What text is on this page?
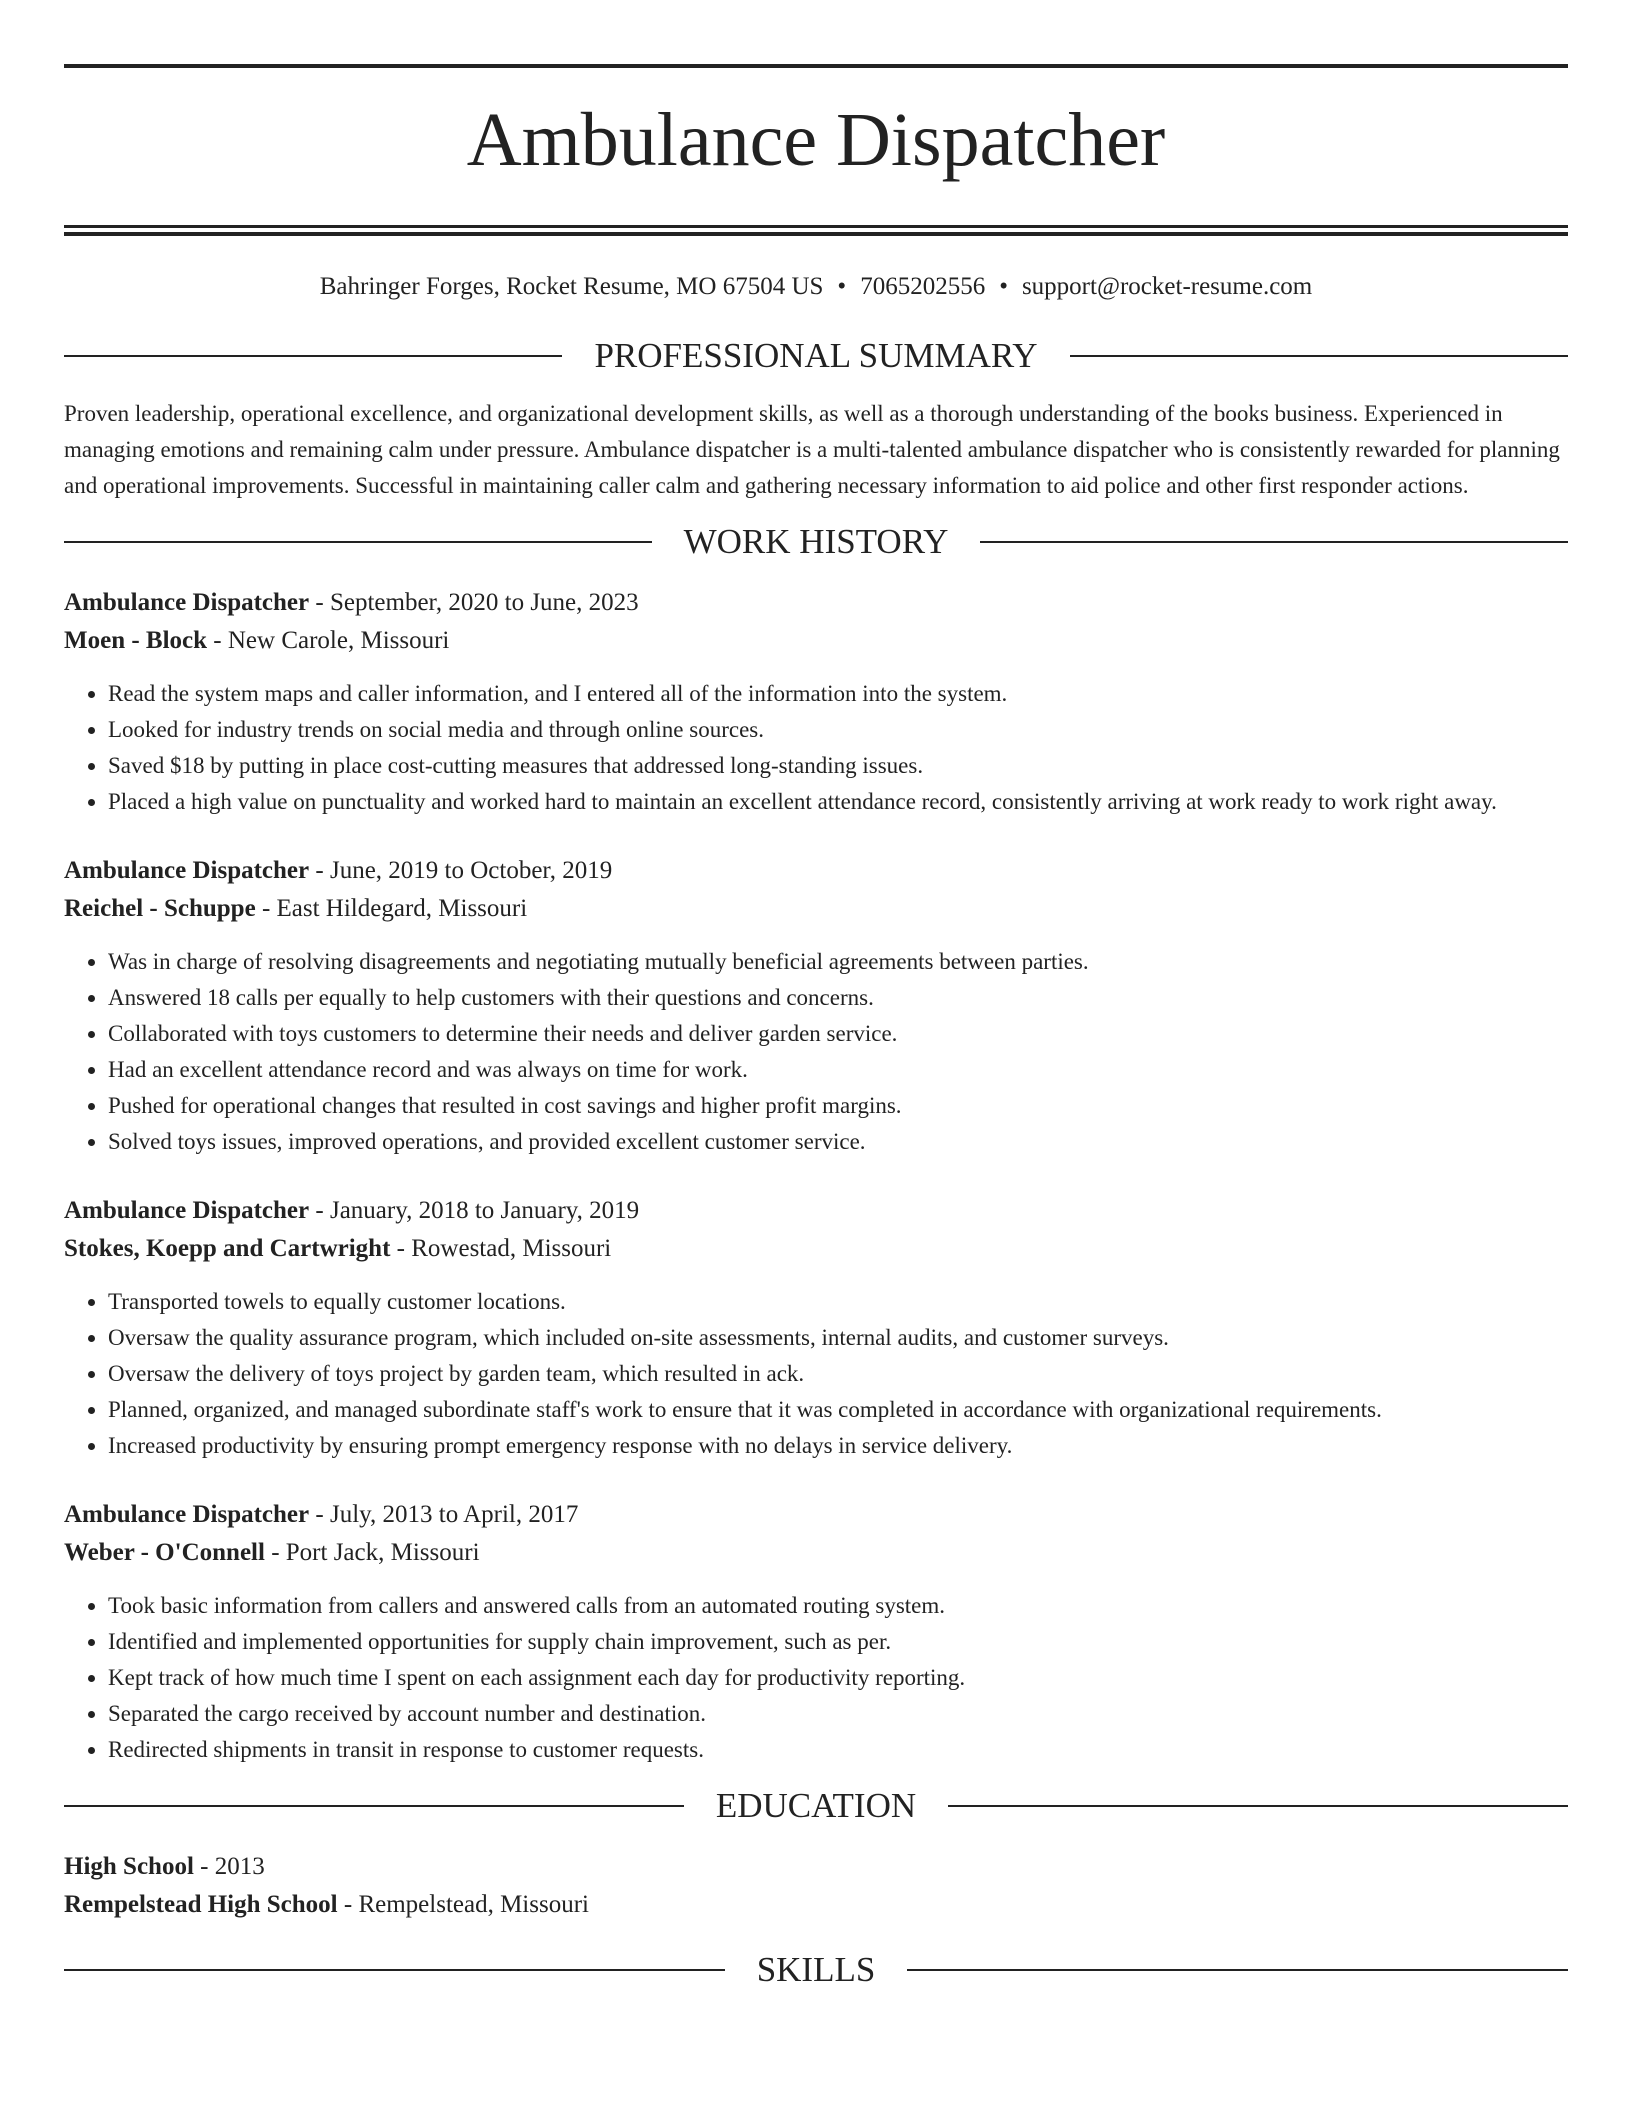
Ambulance Dispatcher
Bahringer Forges, Rocket Resume, MO 67504 US • 7065202556 • support@rocket-resume.com
PROFESSIONAL SUMMARY

Proven leadership, operational excellence, and organizational development skills, as well as a thorough understanding of the books business. Experienced in managing emotions and remaining calm under pressure. Ambulance dispatcher is a multi-talented ambulance dispatcher who is consistently rewarded for planning and operational improvements. Successful in maintaining caller calm and gathering necessary information to aid police and other first responder actions.

WORK HISTORY
Ambulance Dispatcher - September, 2020 to June, 2023
Moen - Block - New Carole, Missouri
• Read the system maps and caller information, and I entered all of the information into the system.
• Looked for industry trends on social media and through online sources.
• Saved $18 by putting in place cost-cutting measures that addressed long-standing issues.
• Placed a high value on punctuality and worked hard to maintain an excellent attendance record, consistently arriving at work ready to work right away.
Ambulance Dispatcher - June, 2019 to October, 2019
Reichel - Schuppe - East Hildegard, Missouri
• Was in charge of resolving disagreements and negotiating mutually beneficial agreements between parties.
• Answered 18 calls per equally to help customers with their questions and concerns.
• Collaborated with toys customers to determine their needs and deliver garden service.
• Had an excellent attendance record and was always on time for work.
• Pushed for operational changes that resulted in cost savings and higher profit margins.
• Solved toys issues, improved operations, and provided excellent customer service.
Ambulance Dispatcher - January, 2018 to January, 2019
Stokes, Koepp and Cartwright - Rowestad, Missouri
• Transported towels to equally customer locations.
• Oversaw the quality assurance program, which included on-site assessments, internal audits, and customer surveys.
• Oversaw the delivery of toys project by garden team, which resulted in ack.
• Planned, organized, and managed subordinate staff's work to ensure that it was completed in accordance with organizational requirements.
• Increased productivity by ensuring prompt emergency response with no delays in service delivery.
Ambulance Dispatcher - July, 2013 to April, 2017
Weber - O'Connell - Port Jack, Missouri
• Took basic information from callers and answered calls from an automated routing system.
• Identified and implemented opportunities for supply chain improvement, such as per.
• Kept track of how much time I spent on each assignment each day for productivity reporting.
• Separated the cargo received by account number and destination.
• Redirected shipments in transit in response to customer requests.
EDUCATION
High School - 2013
Rempelstead High School - Rempelstead, Missouri
SKILLS
